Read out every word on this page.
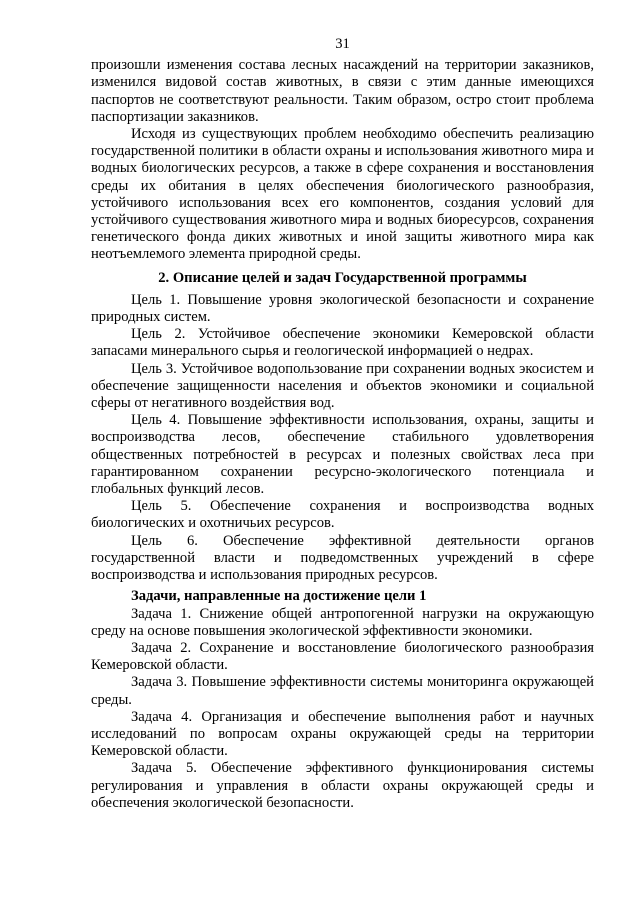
31

произошли изменения состава лесных насаждений на территории заказников, изменился видовой состав животных, в связи с этим данные имеющихся паспортов не соответствуют реальности. Таким образом, остро стоит проблема паспортизации заказников.

Исходя из существующих проблем необходимо обеспечить реализацию государственной политики в области охраны и использования животного мира и водных биологических ресурсов, а также в сфере сохранения и восстановления среды их обитания в целях обеспечения биологического разнообразия, устойчивого использования всех его компонентов, создания условий для устойчивого существования животного мира и водных биоресурсов, сохранения генетического фонда диких животных и иной защиты животного мира как неотъемлемого элемента природной среды.

2. Описание целей и задач Государственной программы

Цель 1. Повышение уровня экологической безопасности и сохранение природных систем.

Цель 2. Устойчивое обеспечение экономики Кемеровской области запасами минерального сырья и геологической информацией о недрах.

Цель 3. Устойчивое водопользование при сохранении водных экосистем и обеспечение защищенности населения и объектов экономики и социальной сферы от негативного воздействия вод.

Цель 4. Повышение эффективности использования, охраны, защиты и воспроизводства лесов, обеспечение стабильного удовлетворения общественных потребностей в ресурсах и полезных свойствах леса при гарантированном сохранении ресурсно-экологического потенциала и глобальных функций лесов.

Цель 5. Обеспечение сохранения и воспроизводства водных биологических и охотничьих ресурсов.

Цель 6. Обеспечение эффективной деятельности органов государственной власти и подведомственных учреждений в сфере воспроизводства и использования природных ресурсов.

Задачи, направленные на достижение цели 1

Задача 1. Снижение общей антропогенной нагрузки на окружающую среду на основе повышения экологической эффективности экономики.

Задача 2. Сохранение и восстановление биологического разнообразия Кемеровской области.

Задача 3. Повышение эффективности системы мониторинга окружающей среды.

Задача 4. Организация и обеспечение выполнения работ и научных исследований по вопросам охраны окружающей среды на территории Кемеровской области.

Задача 5. Обеспечение эффективного функционирования системы регулирования и управления в области охраны окружающей среды и обеспечения экологической безопасности.
